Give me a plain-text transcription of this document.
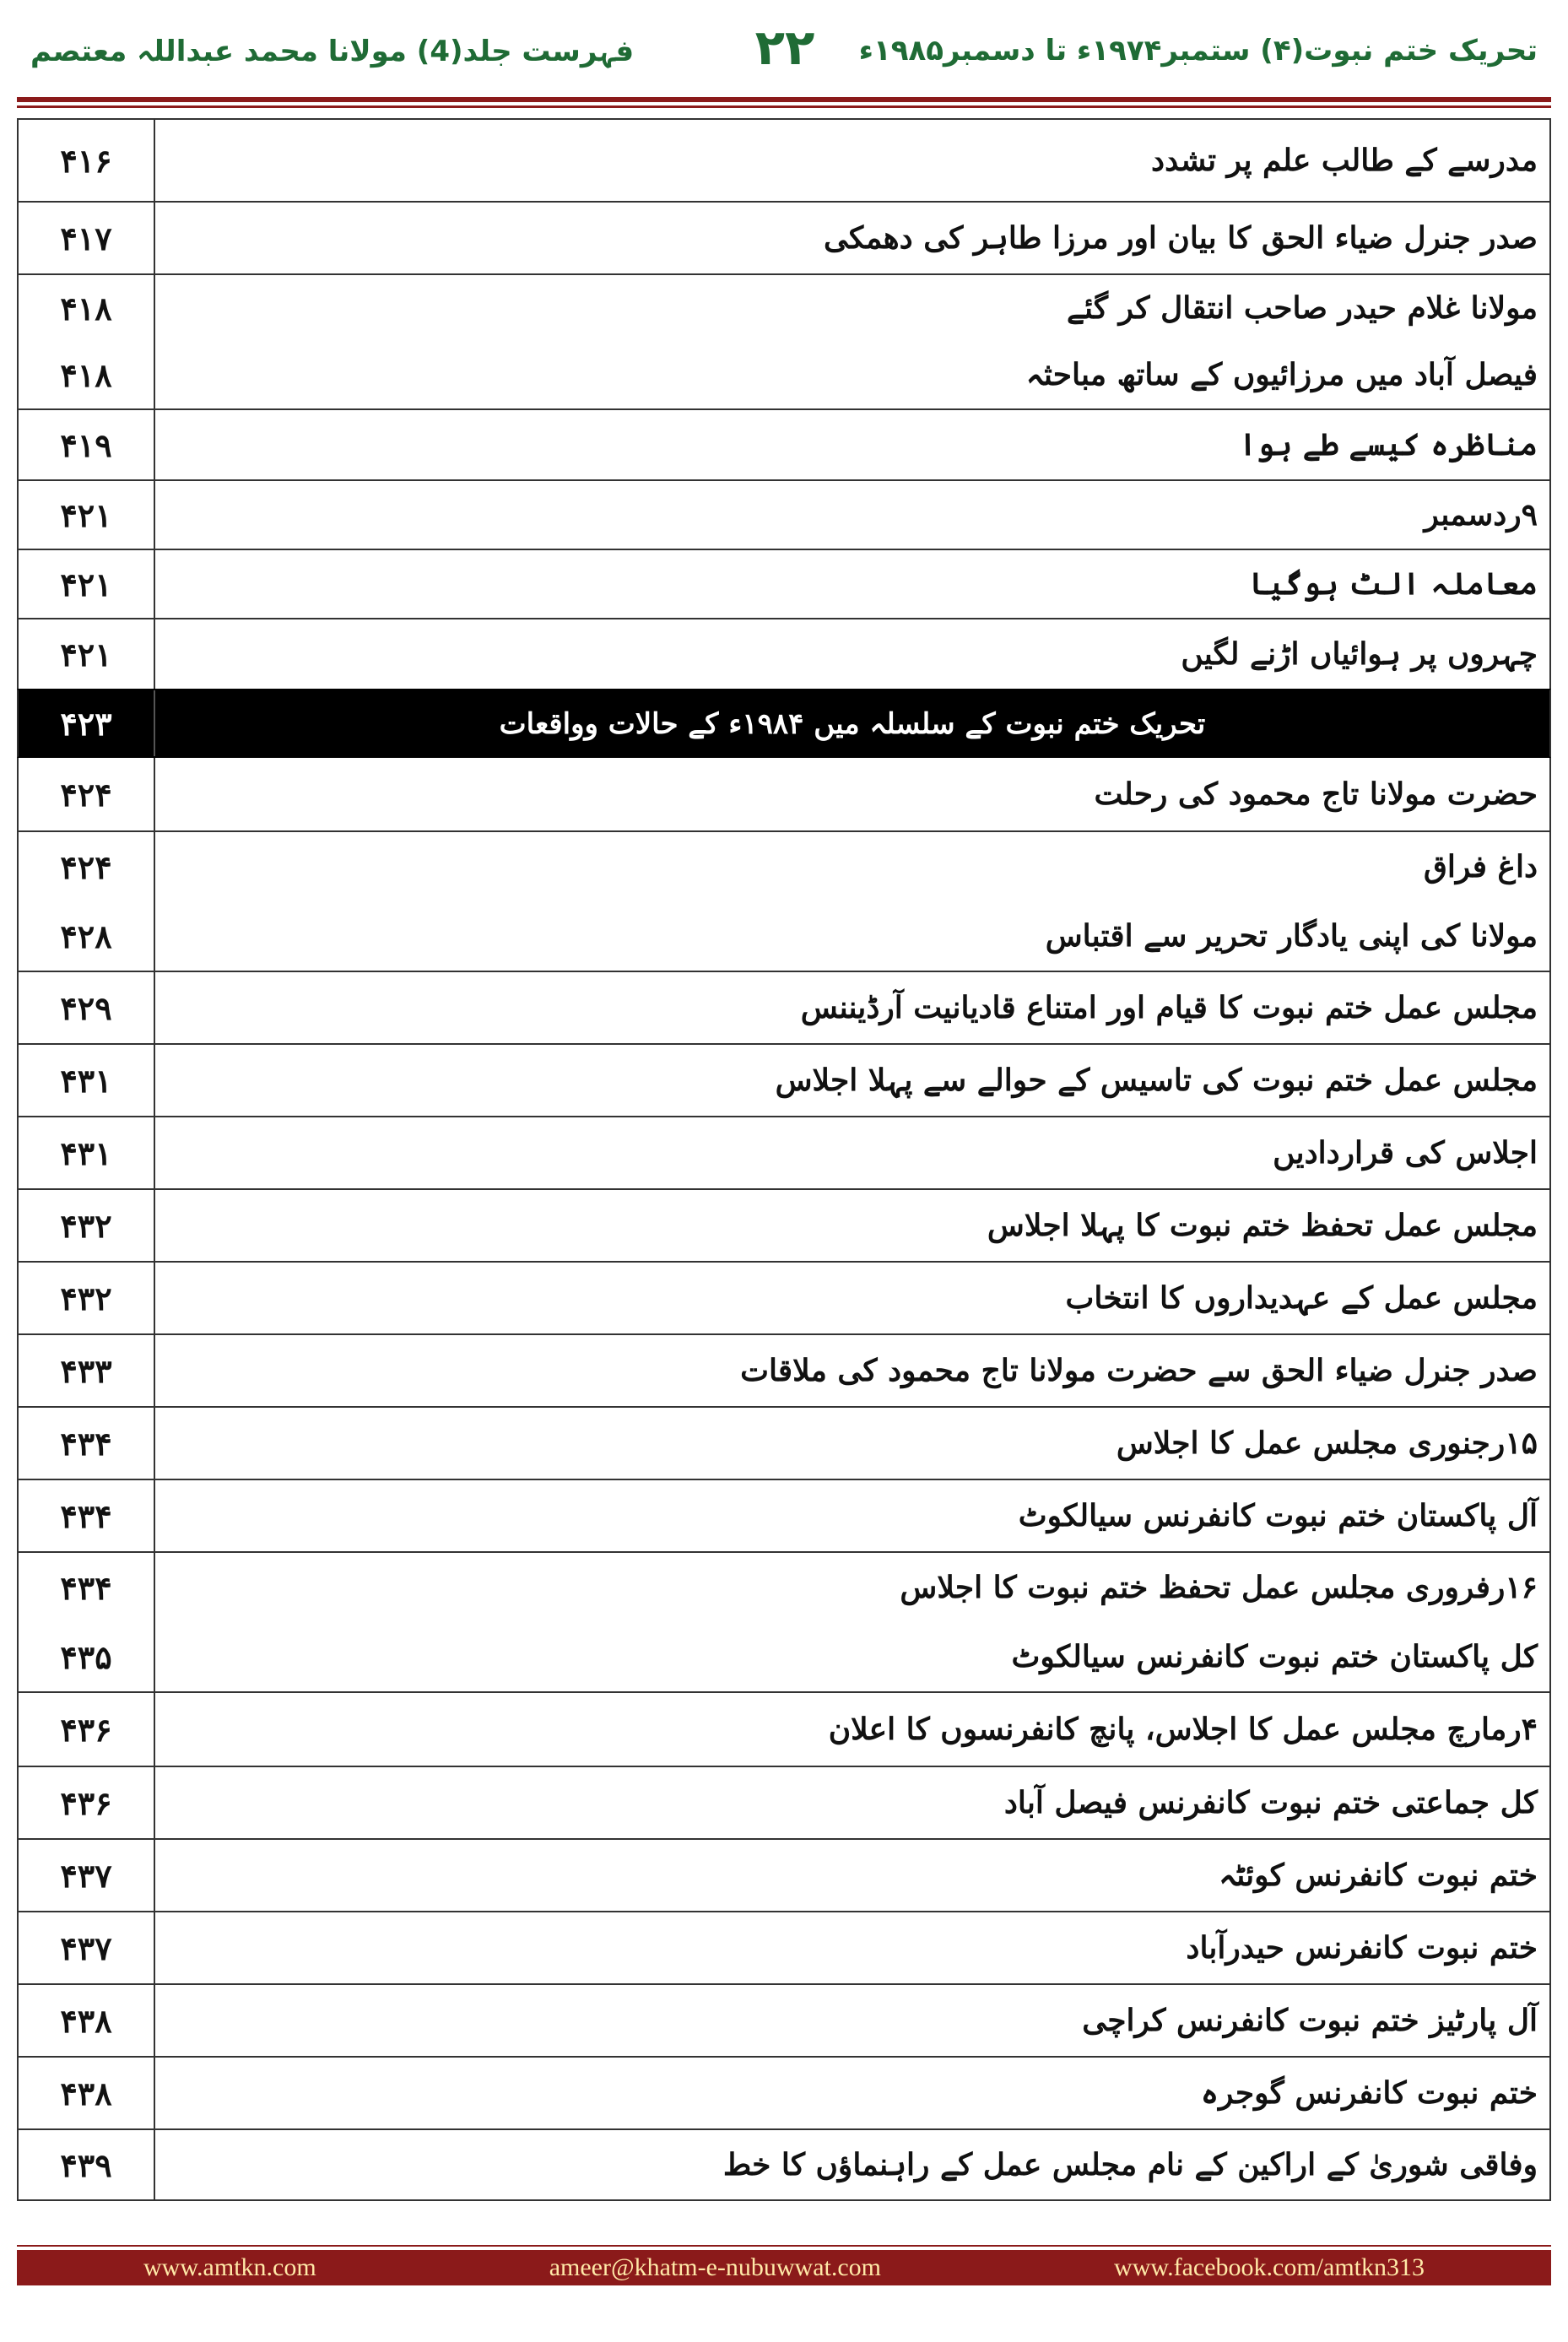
فہرست جلد(4) مولانا محمد عبداللہ معتصم ۲۲	تحریک ختم نبوت(۴) ستمبر۱۹۷۴ء تا دسمبر۱۹۸۵ء
۴۱۶	مدرسے کے طالب علم پر تشدد
۴۱۷	صدر جنرل ضیاء الحق کا بیان اور مرزا طاہر کی دھمکی
۴۱۸	مولانا غلام حیدر صاحب انتقال کر گئے
۴۱۸	فیصل آباد میں مرزائیوں کے ساتھ مباحثہ
۴۱۹	مناظرہ کیسے طے ہوا
۴۲۱	۹ردسمبر
۴۲۱	معاملہ الٹ ہوگیا
۴۲۱	چہروں پر ہوائیاں اڑنے لگیں
۴۲۳	تحریک ختم نبوت کے سلسلہ میں ۱۹۸۴ء کے حالات وواقعات
۴۲۴	حضرت مولانا تاج محمود کی رحلت
۴۲۴	داغ فراق
۴۲۸	مولانا کی اپنی یادگار تحریر سے اقتباس
۴۲۹	مجلس عمل ختم نبوت کا قیام اور امتناع قادیانیت آرڈیننس
۴۳۱	مجلس عمل ختم نبوت کی تاسیس کے حوالے سے پہلا اجلاس
۴۳۱	اجلاس کی قراردادیں
۴۳۲	مجلس عمل تحفظ ختم نبوت کا پہلا اجلاس
۴۳۲	مجلس عمل کے عہدیداروں کا انتخاب
۴۳۳	صدر جنرل ضیاء الحق سے حضرت مولانا تاج محمود کی ملاقات
۴۳۴	۱۵رجنوری مجلس عمل کا اجلاس
۴۳۴	آل پاکستان ختم نبوت کانفرنس سیالکوٹ
۴۳۴	۱۶رفروری مجلس عمل تحفظ ختم نبوت کا اجلاس
۴۳۵	کل پاکستان ختم نبوت کانفرنس سیالکوٹ
۴۳۶	۴رمارچ مجلس عمل کا اجلاس، پانچ کانفرنسوں کا اعلان
۴۳۶	کل جماعتی ختم نبوت کانفرنس فیصل آباد
۴۳۷	ختم نبوت کانفرنس کوئٹہ
۴۳۷	ختم نبوت کانفرنس حیدرآباد
۴۳۸	آل پارٹیز ختم نبوت کانفرنس کراچی
۴۳۸	ختم نبوت کانفرنس گوجرہ
۴۳۹	وفاقی شوریٰ کے اراکین کے نام مجلس عمل کے راہنماؤں کا خط
www.amtkn.com	ameer@khatm-e-nubuwwat.com	www.facebook.com/amtkn313
